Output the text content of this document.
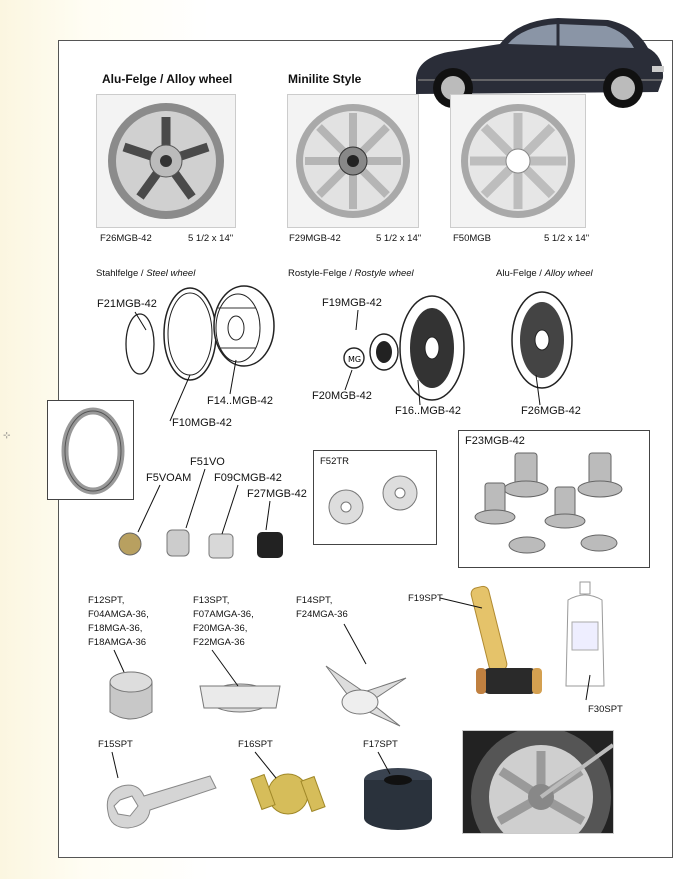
⊹
Alu-Felge / Alloy wheel	Minilite Style
F26MGB-42	5 1/2 x 14"	F29MGB-42	5 1/2 x 14"	F50MGB	5 1/2 x 14"
Stahlfelge / Steel wheel	Rostyle-Felge / Rostyle wheel	Alu-Felge / Alloy wheel
F21MGB-42
F14..MGB-42
F10MGB-42
MG
F19MGB-42
F20MGB-42
F16..MGB-42	F26MGB-42
F5VOAM
F51VO
F09CMGB-42
F27MGB-42
F52TR
F23MGB-42
F12SPT,
F04AMGA-36,
F18MGA-36,
F18AMGA-36
F13SPT,
F07AMGA-36,
F20MGA-36,
F22MGA-36
F14SPT,
F24MGA-36
F19SPT
F30SPT
F15SPT	F16SPT	F17SPT
